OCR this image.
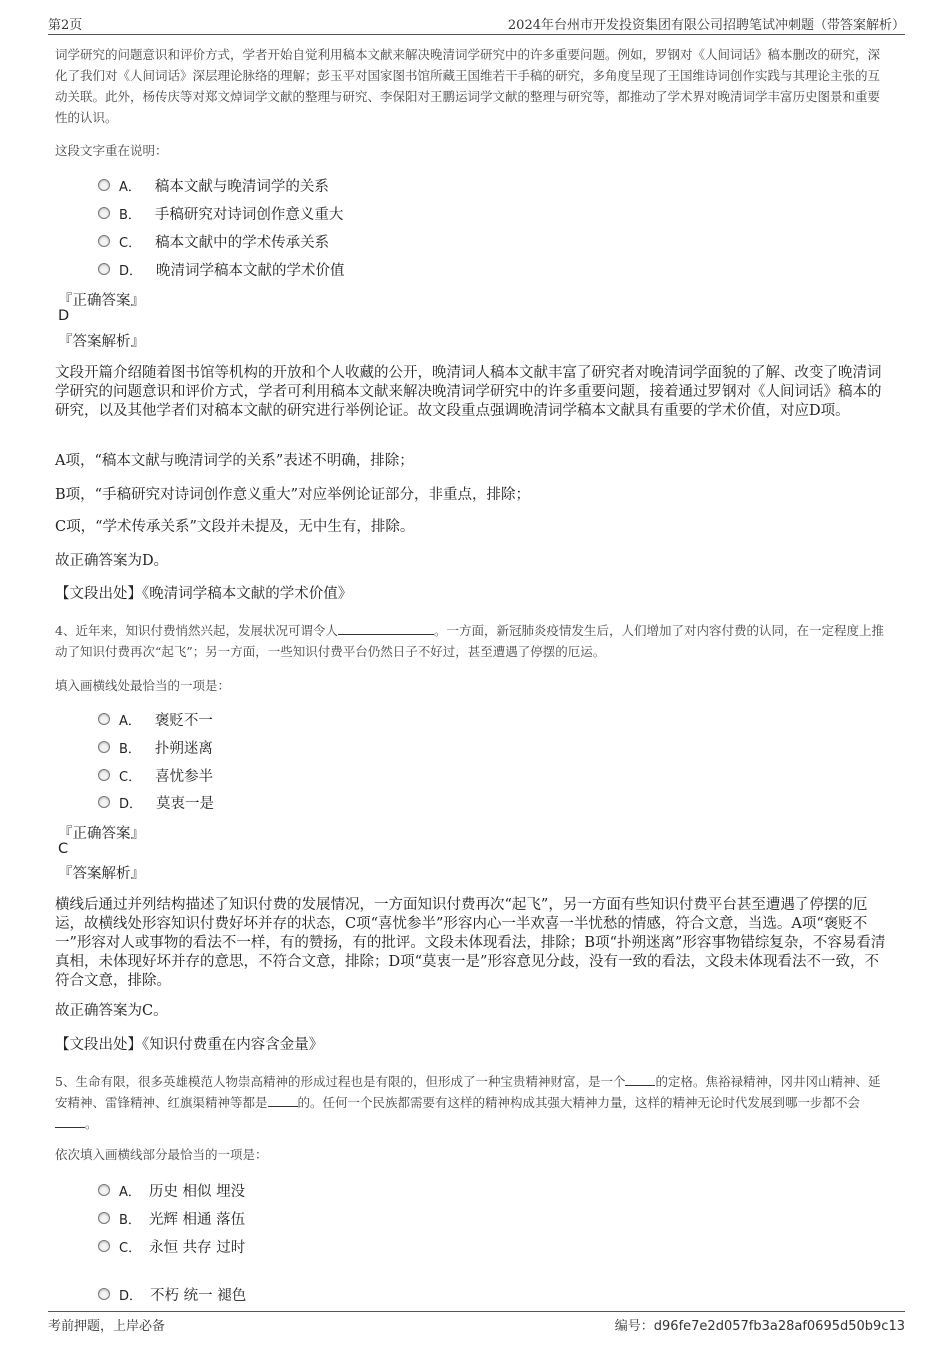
第2页	2024年台州市开发投资集团有限公司招聘笔试冲刺题（带答案解析）
词学研究的问题意识和评价方式，学者开始自觉利用稿本文献来解决晚清词学研究中的许多重要问题。例如，罗钢对《人间词话》稿本删改的研究，深化了我们对《人间词话》深层理论脉络的理解；彭玉平对国家图书馆所藏王国维若干手稿的研究，多角度呈现了王国维诗词创作实践与其理论主张的互动关联。此外，杨传庆等对郑文焯词学文献的整理与研究、李保阳对王鹏运词学文献的整理与研究等，都推动了学术界对晚清词学丰富历史图景和重要性的认识。
这段文字重在说明：
A． 稿本文献与晚清词学的关系
B． 手稿研究对诗词创作意义重大
C． 稿本文献中的学术传承关系
D． 晚清词学稿本文献的学术价值
『正确答案』
D
『答案解析』
文段开篇介绍随着图书馆等机构的开放和个人收藏的公开，晚清词人稿本文献丰富了研究者对晚清词学面貌的了解、改变了晚清词学研究的问题意识和评价方式，学者可利用稿本文献来解决晚清词学研究中的许多重要问题，接着通过罗钢对《人间词话》稿本的研究，以及其他学者们对稿本文献的研究进行举例论证。故文段重点强调晚清词学稿本文献具有重要的学术价值，对应D项。
A项，“稿本文献与晚清词学的关系”表述不明确，排除；
B项，“手稿研究对诗词创作意义重大”对应举例论证部分，非重点，排除；
C项，“学术传承关系”文段并未提及，无中生有，排除。
故正确答案为D。
【文段出处】《晚清词学稿本文献的学术价值》
4、近年来，知识付费悄然兴起，发展状况可谓令人	。一方面，新冠肺炎疫情发生后，人们增加了对内容付费的认同，在一定程度上推动了知识付费再次“起飞”；另一方面，一些知识付费平台仍然日子不好过，甚至遭遇了停摆的厄运。
填入画横线处最恰当的一项是：
A． 褒贬不一
B． 扑朔迷离
C． 喜忧参半
D． 莫衷一是
『正确答案』
C
『答案解析』
横线后通过并列结构描述了知识付费的发展情况，一方面知识付费再次“起飞”，另一方面有些知识付费平台甚至遭遇了停摆的厄运，故横线处形容知识付费好坏并存的状态，C项“喜忧参半”形容内心一半欢喜一半忧愁的情感，符合文意，当选。A项“褒贬不一”形容对人或事物的看法不一样，有的赞扬，有的批评。文段未体现看法，排除；B项“扑朔迷离”形容事物错综复杂，不容易看清真相，未体现好坏并存的意思，不符合文意，排除；D项“莫衷一是”形容意见分歧，没有一致的看法，文段未体现看法不一致，不符合文意，排除。
故正确答案为C。
【文段出处】《知识付费重在内容含金量》
5、生命有限，很多英雄模范人物崇高精神的形成过程也是有限的，但形成了一种宝贵精神财富，是一个 的定格。焦裕禄精神，冈井冈山精神、延安精神、雷锋精神、红旗渠精神等都是 的。任何一个民族都需要有这样的精神构成其强大精神力量，这样的精神无论时代发展到哪一步都不会。
依次填入画横线部分最恰当的一项是：
A． 历史 相似 埋没
B． 光辉 相通 落伍
C． 永恒 共存 过时
D． 不朽 统一 褪色
考前押题，上岸必备	编号：d96fe7e2d057fb3a28af0695d50b9c13
